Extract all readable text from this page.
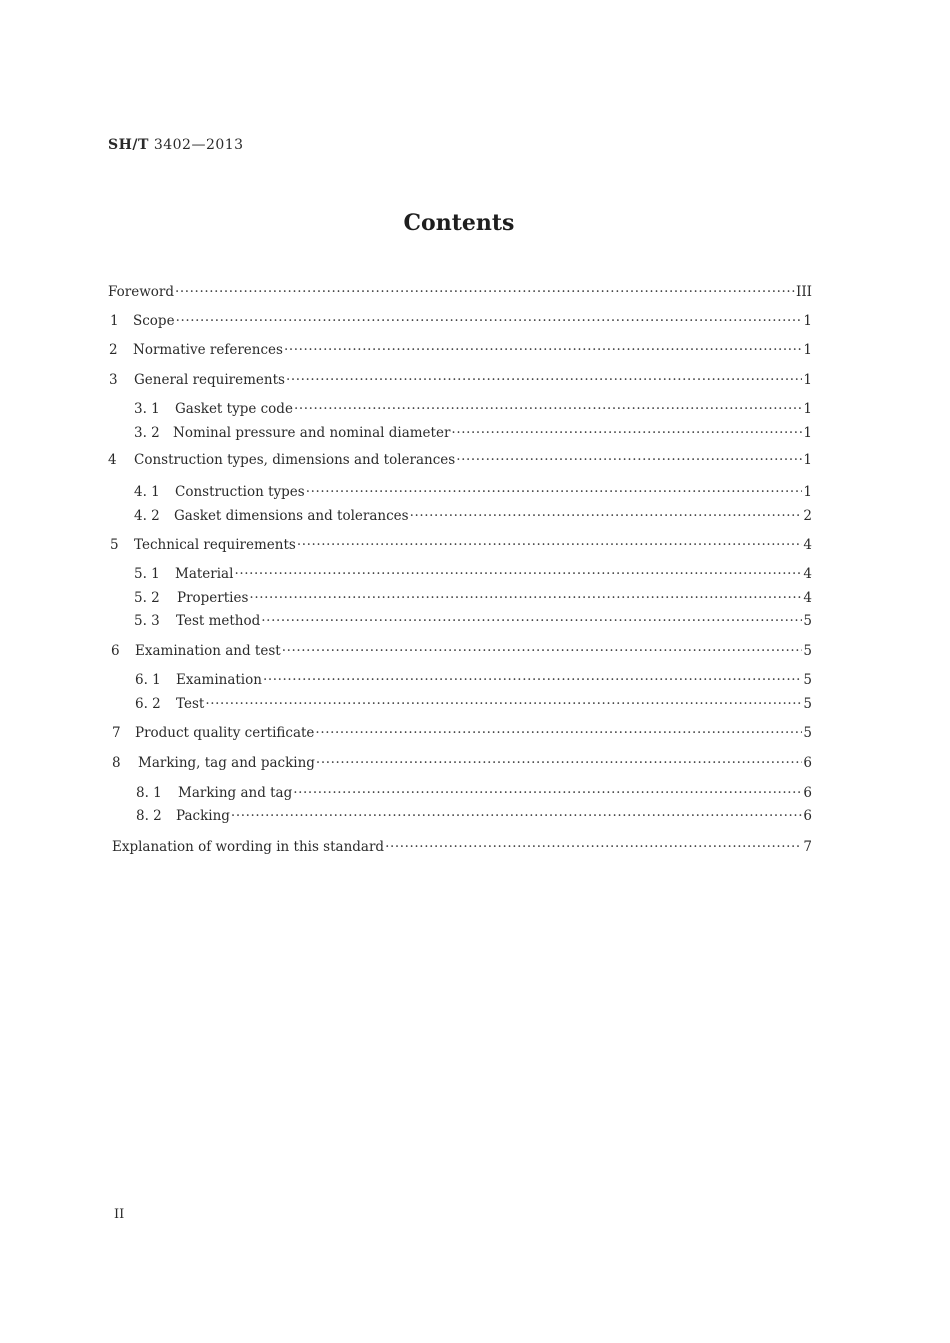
SH/T 3402—2013
Contents
Foreword ·····	III
1	Scope ·····	1
2	Normative references ·····	1
3	General requirements ·····	1
3. 1	Gasket type code ·····	1
3. 2 Nominal pressure and nominal diameter ·····	1
4	Construction types, dimensions and tolerances ·····	1
4. 1	Construction types ·····	1
4. 2	Gasket dimensions and tolerances ·····	2
5	Technical requirements ·····	4
5. 1	Material ·····	4
5. 2	Properties ·····	4
5. 3	Test method ·····	5
6	Examination and test ·····	5
6. 1	Examination ·····	5
6. 2	Test ·····	5
7	Product quality certificate ·····	5
8	Marking, tag and packing ·····	6
8. 1	Marking and tag ·····	6
8. 2	Packing ·····	6
Explanation of wording in this standard ·····	7
II
